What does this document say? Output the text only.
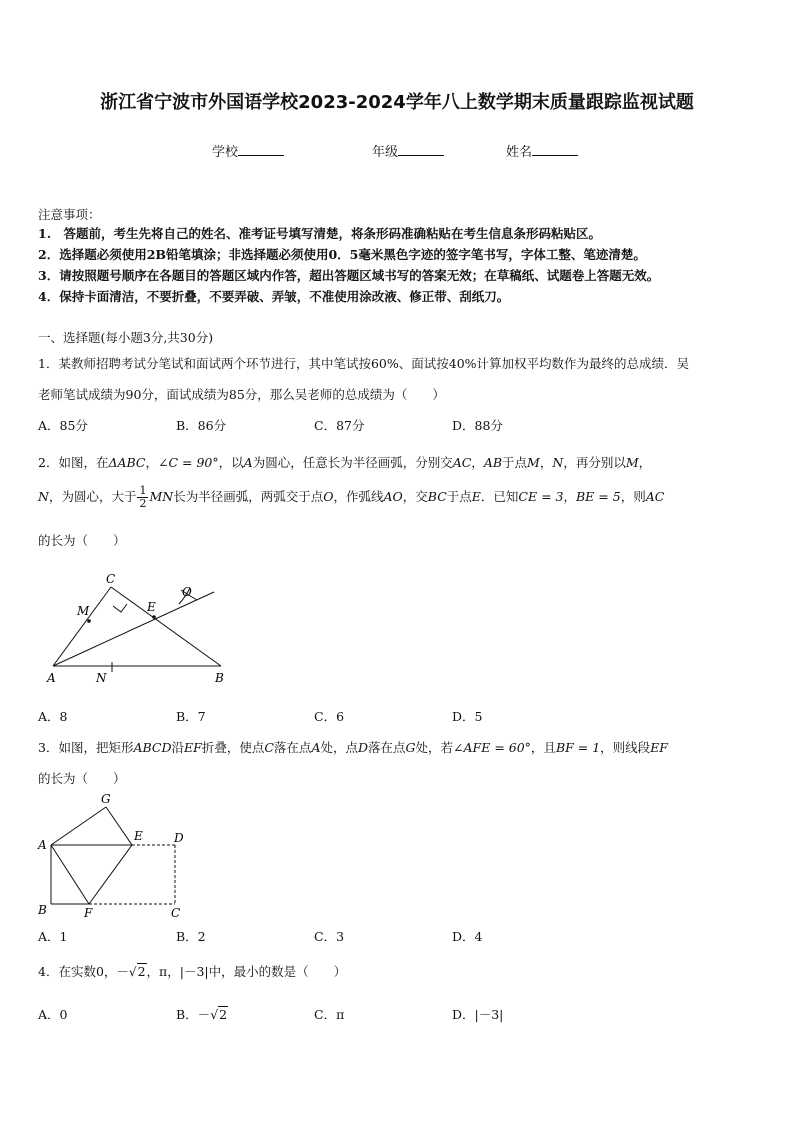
浙江省宁波市外国语学校2023-2024学年八上数学期末质量跟踪监视试题
学校	年级	姓名
注意事项：
1.　答题前，考生先将自己的姓名、准考证号填写清楚，将条形码准确粘贴在考生信息条形码粘贴区。
2．选择题必须使用2B铅笔填涂；非选择题必须使用0．5毫米黑色字迹的签字笔书写，字体工整、笔迹清楚。
3．请按照题号顺序在各题目的答题区域内作答，超出答题区域书写的答案无效；在草稿纸、试题卷上答题无效。
4．保持卡面清洁，不要折叠，不要弄破、弄皱，不准使用涂改液、修正带、刮纸刀。
一、选择题(每小题3分,共30分)
1．某教师招聘考试分笔试和面试两个环节进行，其中笔试按60%、面试按40%计算加权平均数作为最终的总成绩．吴
老师笔试成绩为90分，面试成绩为85分，那么吴老师的总成绩为（　　）
A．85分	B．86分	C．87分	D．88分
2．如图，在ΔABC，∠C = 90°，以A为圆心，任意长为半径画弧，分别交AC，AB于点M，N，再分别以M，
N，为圆心，大于 $\frac{1}{2}$ MN长为半径画弧，两弧交于点O，作弧线AO，交BC于点E．已知CE = 3，BE = 5，则AC
的长为（　　）
C
M	E
O
A	N	B
A．8	B．7	C．6	D．5
3．如图，把矩形ABCD沿EF折叠，使点C落在点A处，点D落在点G处，若∠AFE = 60°，且BF = 1，则线段EF
的长为（　　）
G
A
E	D
B	F	C
A．1	B．2	C．3	D．4
4．在实数0，－√2，π，|－3|中，最小的数是（　　）
A．0	B．－√2	C．π	D．|－3|
